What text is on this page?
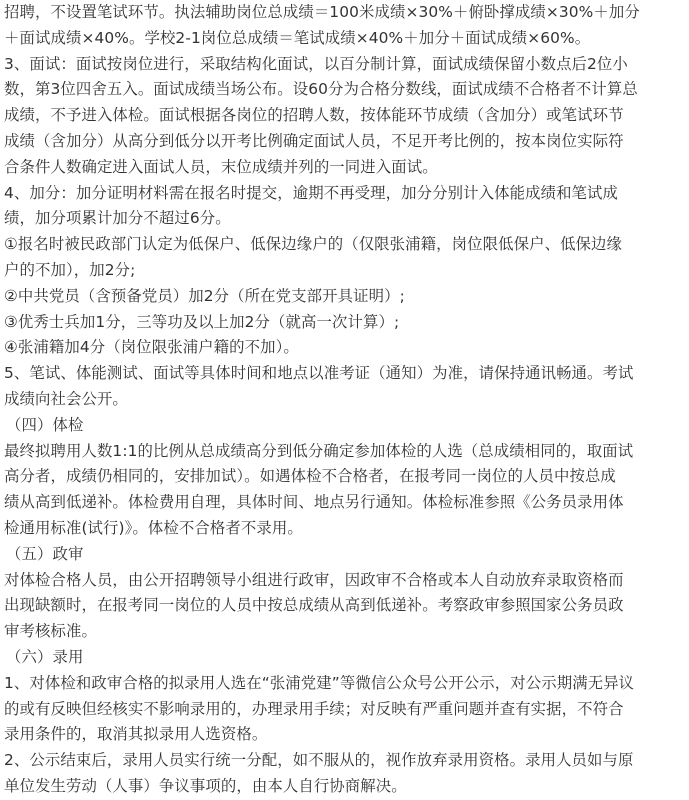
招聘，不设置笔试环节。执法辅助岗位总成绩＝100米成绩×30%＋俯卧撑成绩×30%＋加分
＋面试成绩×40%。学校2-1岗位总成绩＝笔试成绩×40%＋加分＋面试成绩×60%。
3、面试：面试按岗位进行，采取结构化面试，以百分制计算，面试成绩保留小数点后2位小
数，第3位四舍五入。面试成绩当场公布。设60分为合格分数线，面试成绩不合格者不计算总
成绩，不予进入体检。面试根据各岗位的招聘人数，按体能环节成绩（含加分）或笔试环节
成绩（含加分）从高分到低分以开考比例确定面试人员，不足开考比例的，按本岗位实际符
合条件人数确定进入面试人员，末位成绩并列的一同进入面试。
4、加分：加分证明材料需在报名时提交，逾期不再受理，加分分别计入体能成绩和笔试成
绩，加分项累计加分不超过6分。
①报名时被民政部门认定为低保户、低保边缘户的（仅限张浦籍，岗位限低保户、低保边缘
户的不加），加2分;
②中共党员（含预备党员）加2分（所在党支部开具证明）;
③优秀士兵加1分，三等功及以上加2分（就高一次计算）;
④张浦籍加4分（岗位限张浦户籍的不加）。
5、笔试、体能测试、面试等具体时间和地点以准考证（通知）为准，请保持通讯畅通。考试
成绩向社会公开。
（四）体检
最终拟聘用人数1:1的比例从总成绩高分到低分确定参加体检的人选（总成绩相同的，取面试
高分者，成绩仍相同的，安排加试）。如遇体检不合格者，在报考同一岗位的人员中按总成
绩从高到低递补。体检费用自理，具体时间、地点另行通知。体检标准参照《公务员录用体
检通用标准(试行)》。体检不合格者不录用。
（五）政审
对体检合格人员，由公开招聘领导小组进行政审，因政审不合格或本人自动放弃录取资格而
出现缺额时，在报考同一岗位的人员中按总成绩从高到低递补。考察政审参照国家公务员政
审考核标准。
（六）录用
1、对体检和政审合格的拟录用人选在“张浦党建”等微信公众号公开公示，对公示期满无异议
的或有反映但经核实不影响录用的，办理录用手续；对反映有严重问题并查有实据，不符合
录用条件的，取消其拟录用人选资格。
2、公示结束后，录用人员实行统一分配，如不服从的，视作放弃录用资格。录用人员如与原
单位发生劳动（人事）争议事项的，由本人自行协商解决。
